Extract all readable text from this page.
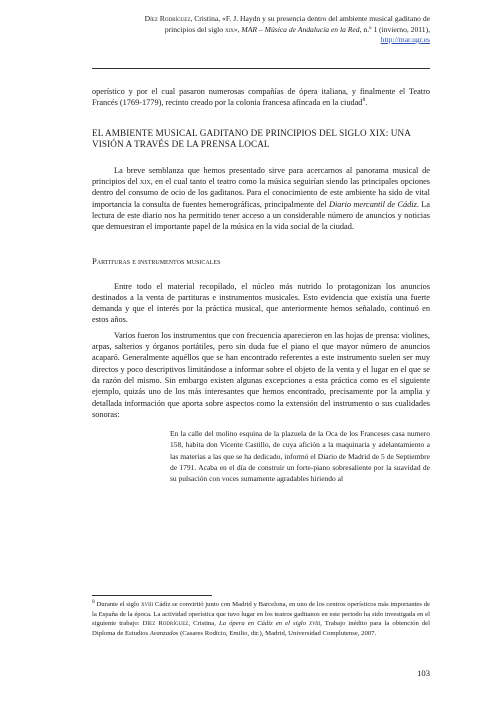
Díez Rodríguez, Cristina, «F. J. Haydn y su presencia dentro del ambiente musical gaditano de
principios del siglo xix», MAR – Música de Andalucía en la Red, n.º 1 (invierno, 2011),
http://mar.ugr.es

operístico y por el cual pasaron numerosas compañías de ópera italiana, y finalmente el Teatro Francés (1769-1779), recinto creado por la colonia francesa afincada en la ciudad$^8$.

EL AMBIENTE MUSICAL GADITANO DE PRINCIPIOS DEL SIGLO XIX: UNA VISIÓN A TRAVÉS DE LA PRENSA LOCAL

La breve semblanza que hemos presentado sirve para acercarnos al panorama musical de principios del xix, en el cual tanto el teatro como la música seguirían siendo las principales opciones dentro del consumo de ocio de los gaditanos. Para el conocimiento de este ambiente ha sido de vital importancia la consulta de fuentes hemerográficas, principalmente del Diario mercantil de Cádiz. La lectura de este diario nos ha permitido tener acceso a un considerable número de anuncios y noticias que demuestran el importante papel de la música en la vida social de la ciudad.

Partituras e instrumentos musicales

Entre todo el material recopilado, el núcleo más nutrido lo protagonizan los anuncios destinados a la venta de partituras e instrumentos musicales. Esto evidencia que existía una fuerte demanda y que el interés por la práctica musical, que anteriormente hemos señalado, continuó en estos años.

Varios fueron los instrumentos que con frecuencia aparecieron en las hojas de prensa: violines, arpas, salterios y órganos portátiles, pero sin duda fue el piano el que mayor número de anuncios acaparó. Generalmente aquéllos que se han encontrado referentes a este instrumento suelen ser muy directos y poco descriptivos limitándose a informar sobre el objeto de la venta y el lugar en el que se da razón del mismo. Sin embargo existen algunas excepciones a esta práctica como es el siguiente ejemplo, quizás uno de los más interesantes que hemos encontrado, precisamente por la amplia y detallada información que aporta sobre aspectos como la extensión del instrumento o sus cualidades sonoras:

En la calle del molino esquina de la plazuela de la Oca de los Franceses casa numero 158, habita don Vicente Castillo, de cuya afición a la maquinaria y adelantamiento a las materias a las que se ha dedicado, informó el Diario de Madrid de 5 de Septiembre de 1791. Acaba en el día de construir un forte-piano sobresaliente por la suavidad de su pulsación con voces sumamente agradables hiriendo al

$^8$ Durante el siglo xviii Cádiz se convirtió junto con Madrid y Barcelona, en uno de los centros operísticos más importantes de la España de la época. La actividad operística que tuvo lugar en los teatros gaditanos en este periodo ha sido investigada en el siguiente trabajo: Díez Rodríguez, Cristina, La ópera en Cádiz en el siglo xviii, Trabajo inédito para la obtención del Diploma de Estudios Avanzados (Casares Rodicio, Emilio, dir.), Madrid, Universidad Complutense, 2007.
103
